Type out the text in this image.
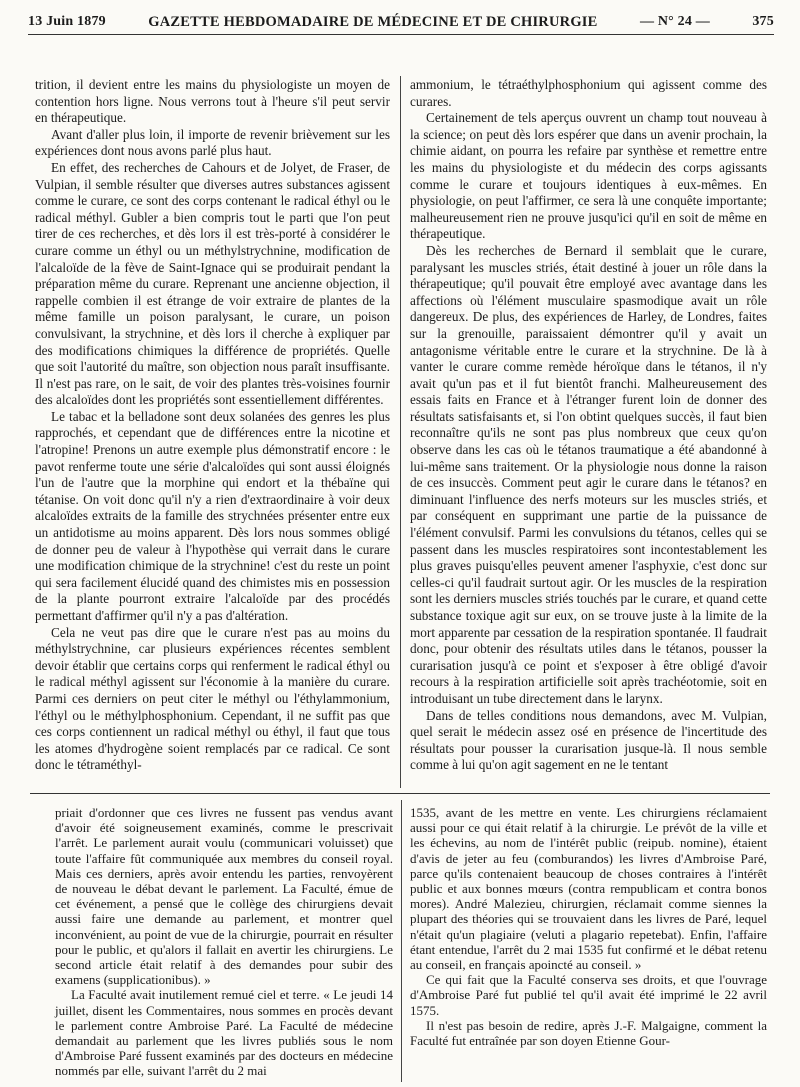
13 Juin 1879	GAZETTE HEBDOMADAIRE DE MÉDECINE ET DE CHIRURGIE	— N° 24 —	375

trition, il devient entre les mains du physiologiste un moyen de contention hors ligne. Nous verrons tout à l'heure s'il peut servir en thérapeutique.

Avant d'aller plus loin, il importe de revenir brièvement sur les expériences dont nous avons parlé plus haut.

En effet, des recherches de Cahours et de Jolyet, de Fraser, de Vulpian, il semble résulter que diverses autres substances agissent comme le curare, ce sont des corps contenant le radical éthyl ou le radical méthyl. Gubler a bien compris tout le parti que l'on peut tirer de ces recherches, et dès lors il est très-porté à considérer le curare comme un éthyl ou un méthylstrychnine, modification de l'alcaloïde de la fève de Saint-Ignace qui se produirait pendant la préparation même du curare. Reprenant une ancienne objection, il rappelle combien il est étrange de voir extraire de plantes de la même famille un poison paralysant, le curare, un poison convulsivant, la strychnine, et dès lors il cherche à expliquer par des modifications chimiques la différence de propriétés. Quelle que soit l'autorité du maître, son objection nous paraît insuffisante. Il n'est pas rare, on le sait, de voir des plantes très-voisines fournir des alcaloïdes dont les propriétés sont essentiellement différentes.

Le tabac et la belladone sont deux solanées des genres les plus rapprochés, et cependant que de différences entre la nicotine et l'atropine! Prenons un autre exemple plus démonstratif encore : le pavot renferme toute une série d'alcaloïdes qui sont aussi éloignés l'un de l'autre que la morphine qui endort et la thébaïne qui tétanise. On voit donc qu'il n'y a rien d'extraordinaire à voir deux alcaloïdes extraits de la famille des strychnées présenter entre eux un antidotisme au moins apparent. Dès lors nous sommes obligé de donner peu de valeur à l'hypothèse qui verrait dans le curare une modification chimique de la strychnine! c'est du reste un point qui sera facilement élucidé quand des chimistes mis en possession de la plante pourront extraire l'alcaloïde par des procédés permettant d'affirmer qu'il n'y a pas d'altération.

Cela ne veut pas dire que le curare n'est pas au moins du méthylstrychnine, car plusieurs expériences récentes semblent devoir établir que certains corps qui renferment le radical éthyl ou le radical méthyl agissent sur l'économie à la manière du curare. Parmi ces derniers on peut citer le méthyl ou l'éthylammonium, l'éthyl ou le méthylphosphonium. Cependant, il ne suffit pas que ces corps contiennent un radical méthyl ou éthyl, il faut que tous les atomes d'hydrogène soient remplacés par ce radical. Ce sont donc le tétraméthyl-

ammonium, le tétraéthylphosphonium qui agissent comme des curares.

Certainement de tels aperçus ouvrent un champ tout nouveau à la science; on peut dès lors espérer que dans un avenir prochain, la chimie aidant, on pourra les refaire par synthèse et remettre entre les mains du physiologiste et du médecin des corps agissants comme le curare et toujours identiques à eux-mêmes. En physiologie, on peut l'affirmer, ce sera là une conquête importante; malheureusement rien ne prouve jusqu'ici qu'il en soit de même en thérapeutique.

Dès les recherches de Bernard il semblait que le curare, paralysant les muscles striés, était destiné à jouer un rôle dans la thérapeutique; qu'il pouvait être employé avec avantage dans les affections où l'élément musculaire spasmodique avait un rôle dangereux. De plus, des expériences de Harley, de Londres, faites sur la grenouille, paraissaient démontrer qu'il y avait un antagonisme véritable entre le curare et la strychnine. De là à vanter le curare comme remède héroïque dans le tétanos, il n'y avait qu'un pas et il fut bientôt franchi. Malheureusement des essais faits en France et à l'étranger furent loin de donner des résultats satisfaisants et, si l'on obtint quelques succès, il faut bien reconnaître qu'ils ne sont pas plus nombreux que ceux qu'on observe dans les cas où le tétanos traumatique a été abandonné à lui-même sans traitement. Or la physiologie nous donne la raison de ces insuccès. Comment peut agir le curare dans le tétanos? en diminuant l'influence des nerfs moteurs sur les muscles striés, et par conséquent en supprimant une partie de la puissance de l'élément convulsif. Parmi les convulsions du tétanos, celles qui se passent dans les muscles respiratoires sont incontestablement les plus graves puisqu'elles peuvent amener l'asphyxie, c'est donc sur celles-ci qu'il faudrait surtout agir. Or les muscles de la respiration sont les derniers muscles striés touchés par le curare, et quand cette substance toxique agit sur eux, on se trouve juste à la limite de la mort apparente par cessation de la respiration spontanée. Il faudrait donc, pour obtenir des résultats utiles dans le tétanos, pousser la curarisation jusqu'à ce point et s'exposer à être obligé d'avoir recours à la respiration artificielle soit après trachéotomie, soit en introduisant un tube directement dans le larynx.

Dans de telles conditions nous demandons, avec M. Vulpian, quel serait le médecin assez osé en présence de l'incertitude des résultats pour pousser la curarisation jusque-là. Il nous semble comme à lui qu'on agit sagement en ne le tentant

priait d'ordonner que ces livres ne fussent pas vendus avant d'avoir été soigneusement examinés, comme le prescrivait l'arrêt. Le parlement aurait voulu (communicari voluisset) que toute l'affaire fût communiquée aux membres du conseil royal. Mais ces derniers, après avoir entendu les parties, renvoyèrent de nouveau le débat devant le parlement. La Faculté, émue de cet événement, a pensé que le collège des chirurgiens devait aussi faire une demande au parlement, et montrer quel inconvénient, au point de vue de la chirurgie, pourrait en résulter pour le public, et qu'alors il fallait en avertir les chirurgiens. Le second article était relatif à des demandes pour subir des examens (supplicationibus). »

La Faculté avait inutilement remué ciel et terre. « Le jeudi 14 juillet, disent les Commentaires, nous sommes en procès devant le parlement contre Ambroise Paré. La Faculté de médecine demandait au parlement que les livres publiés sous le nom d'Ambroise Paré fussent examinés par des docteurs en médecine nommés par elle, suivant l'arrêt du 2 mai

1535, avant de les mettre en vente. Les chirurgiens réclamaient aussi pour ce qui était relatif à la chirurgie. Le prévôt de la ville et les échevins, au nom de l'intérêt public (reipub. nomine), étaient d'avis de jeter au feu (comburandos) les livres d'Ambroise Paré, parce qu'ils contenaient beaucoup de choses contraires à l'intérêt public et aux bonnes mœurs (contra rempublicam et contra bonos mores). André Malezieu, chirurgien, réclamait comme siennes la plupart des théories qui se trouvaient dans les livres de Paré, lequel n'était qu'un plagiaire (veluti a plagario repetebat). Enfin, l'affaire étant entendue, l'arrêt du 2 mai 1535 fut confirmé et le débat retenu au conseil, en français apoincté au conseil. »

Ce qui fait que la Faculté conserva ses droits, et que l'ouvrage d'Ambroise Paré fut publié tel qu'il avait été imprimé le 22 avril 1575.

Il n'est pas besoin de redire, après J.-F. Malgaigne, comment la Faculté fut entraînée par son doyen Etienne Gour-
